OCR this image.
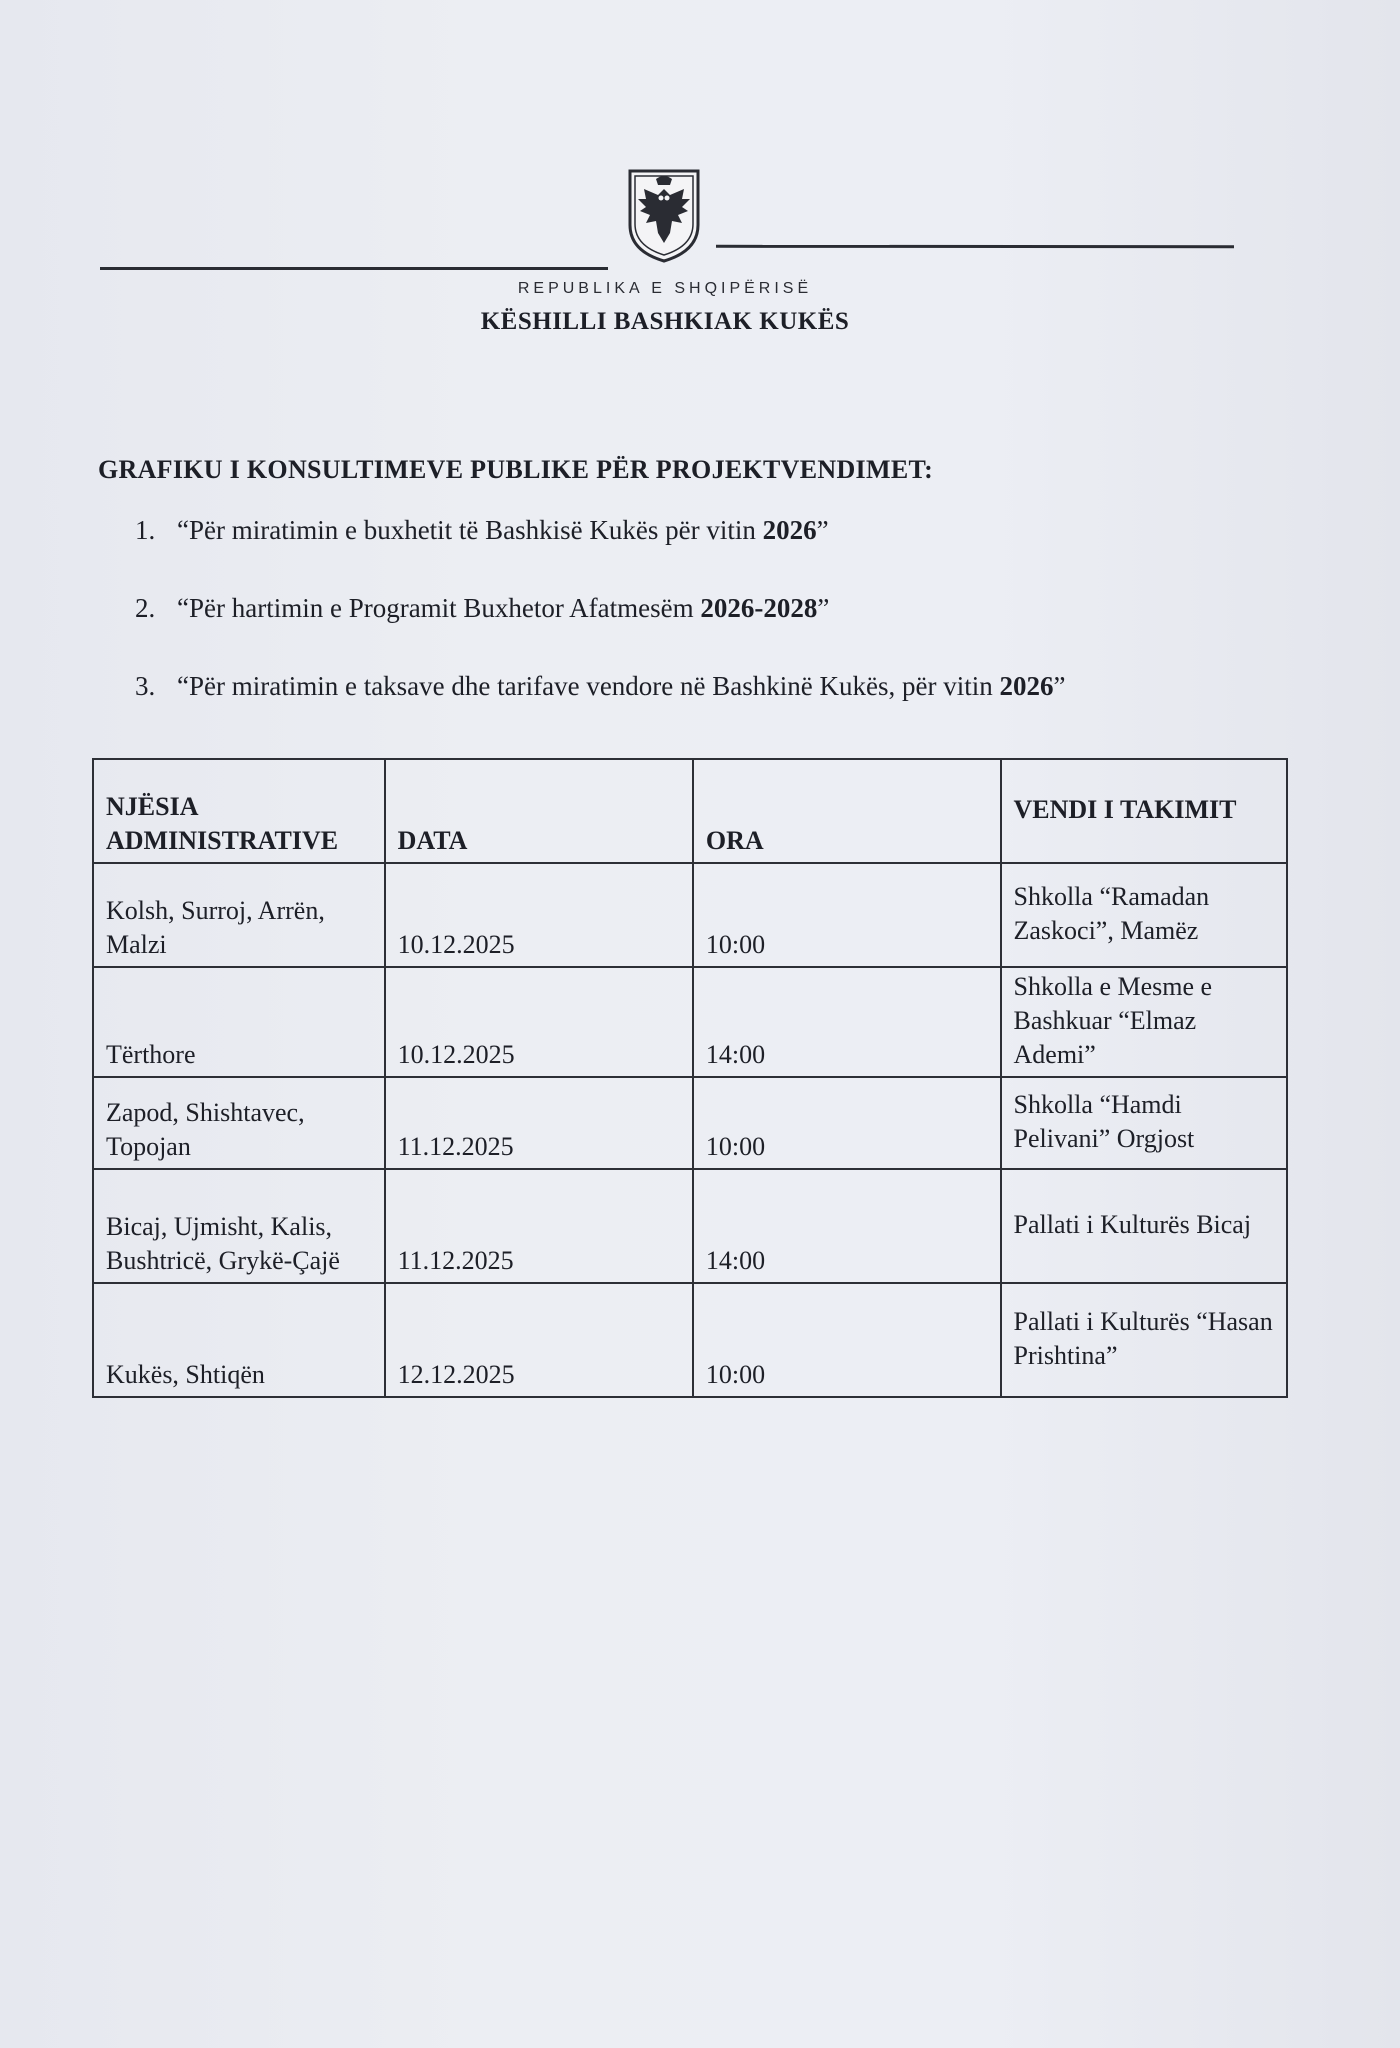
REPUBLIKA E SHQIPËRISË
KËSHILLI BASHKIAK KUKËS
GRAFIKU I KONSULTIMEVE PUBLIKE PËR PROJEKTVENDIMET:
1. “Për miratimin e buxhetit të Bashkisë Kukës për vitin 2026”
2. “Për hartimin e Programit Buxhetor Afatmesëm 2026-2028”
3. “Për miratimin e taksave dhe tarifave vendore në Bashkinë Kukës, për vitin 2026”
NJËSIA ADMINISTRATIVE	DATA	ORA	VENDI I TAKIMIT
Kolsh, Surroj, Arrën, Malzi	10.12.2025	10:00	Shkolla “Ramadan Zaskoci”, Mamëz
Tërthore	10.12.2025	14:00	Shkolla e Mesme e Bashkuar “Elmaz Ademi”
Zapod, Shishtavec, Topojan	11.12.2025	10:00	Shkolla “Hamdi Pelivani” Orgjost
Bicaj, Ujmisht, Kalis, Bushtricë, Grykë-Çajë	11.12.2025	14:00	Pallati i Kulturës Bicaj
Kukës, Shtiqën	12.12.2025	10:00	Pallati i Kulturës “Hasan Prishtina”
